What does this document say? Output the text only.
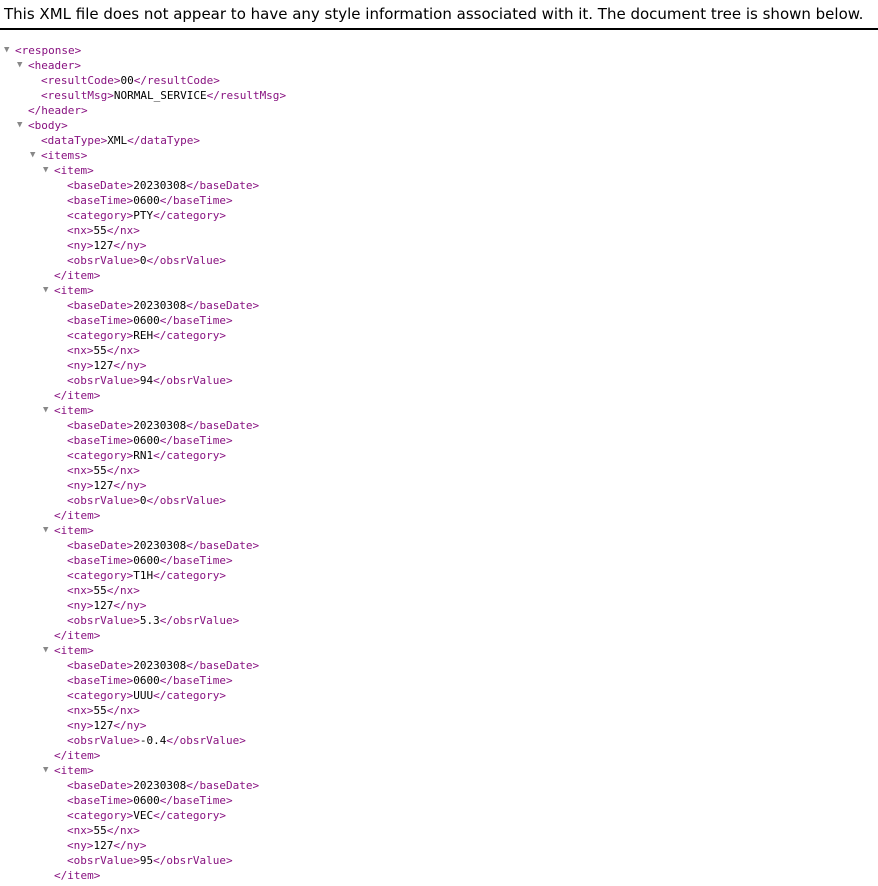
This XML file does not appear to have any style information associated with it. The document tree is shown below.
▼ <response>
▼ <header>
<resultCode>00</resultCode>
<resultMsg>NORMAL_SERVICE</resultMsg>
</header>
▼ <body>
<dataType>XML</dataType>
▼ <items>
▼ <item>
<baseDate>20230308</baseDate>
<baseTime>0600</baseTime>
<category>PTY</category>
<nx>55</nx>
<ny>127</ny>
<obsrValue>0</obsrValue>
</item>
▼ <item>
<baseDate>20230308</baseDate>
<baseTime>0600</baseTime>
<category>REH</category>
<nx>55</nx>
<ny>127</ny>
<obsrValue>94</obsrValue>
</item>
▼ <item>
<baseDate>20230308</baseDate>
<baseTime>0600</baseTime>
<category>RN1</category>
<nx>55</nx>
<ny>127</ny>
<obsrValue>0</obsrValue>
</item>
▼ <item>
<baseDate>20230308</baseDate>
<baseTime>0600</baseTime>
<category>T1H</category>
<nx>55</nx>
<ny>127</ny>
<obsrValue>5.3</obsrValue>
</item>
▼ <item>
<baseDate>20230308</baseDate>
<baseTime>0600</baseTime>
<category>UUU</category>
<nx>55</nx>
<ny>127</ny>
<obsrValue>-0.4</obsrValue>
</item>
▼ <item>
<baseDate>20230308</baseDate>
<baseTime>0600</baseTime>
<category>VEC</category>
<nx>55</nx>
<ny>127</ny>
<obsrValue>95</obsrValue>
</item>
